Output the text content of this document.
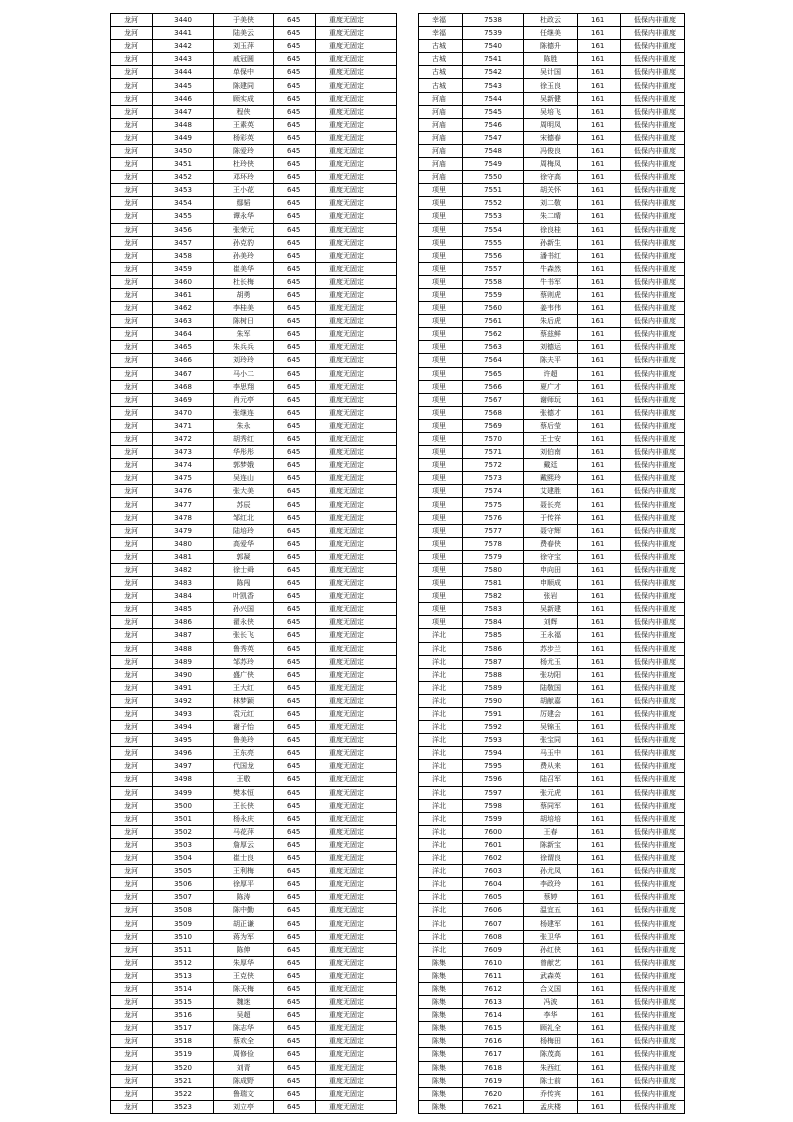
龙河	3440	于美侠	645	重度无固定
龙河	3441	陆美云	645	重度无固定
龙河	3442	刘玉萍	645	重度无固定
龙河	3443	戚冠圆	645	重度无固定
龙河	3444	单保中	645	重度无固定
龙河	3445	陈建同	645	重度无固定
龙河	3446	顾实成	645	重度无固定
龙河	3447	程侠	645	重度无固定
龙河	3448	王素英	645	重度无固定
龙河	3449	杨彩英	645	重度无固定
龙河	3450	陈爱玲	645	重度无固定
龙河	3451	杜玲侠	645	重度无固定
龙河	3452	邓环玲	645	重度无固定
龙河	3453	王小花	645	重度无固定
龙河	3454	鄢韬	645	重度无固定
龙河	3455	谭永华	645	重度无固定
龙河	3456	张荣元	645	重度无固定
龙河	3457	孙克豹	645	重度无固定
龙河	3458	孙美玲	645	重度无固定
龙河	3459	崔美华	645	重度无固定
龙河	3460	杜长梅	645	重度无固定
龙河	3461	胡勇	645	重度无固定
龙河	3462	李桂美	645	重度无固定
龙河	3463	陈树日	645	重度无固定
龙河	3464	朱军	645	重度无固定
龙河	3465	朱兵兵	645	重度无固定
龙河	3466	刘玲玲	645	重度无固定
龙河	3467	马小二	645	重度无固定
龙河	3468	李思翔	645	重度无固定
龙河	3469	肖元亭	645	重度无固定
龙河	3470	张继连	645	重度无固定
龙河	3471	朱永	645	重度无固定
龙河	3472	胡秀红	645	重度无固定
龙河	3473	华彤彤	645	重度无固定
龙河	3474	郭梦娥	645	重度无固定
龙河	3475	吴连山	645	重度无固定
龙河	3476	张大美	645	重度无固定
龙河	3477	苏辰	645	重度无固定
龙河	3478	邹红北	645	重度无固定
龙河	3479	陆培玲	645	重度无固定
龙河	3480	高爱华	645	重度无固定
龙河	3481	郭凝	645	重度无固定
龙河	3482	徐士舜	645	重度无固定
龙河	3483	陈闯	645	重度无固定
龙河	3484	叶凯香	645	重度无固定
龙河	3485	孙兴国	645	重度无固定
龙河	3486	翟永侠	645	重度无固定
龙河	3487	张长飞	645	重度无固定
龙河	3488	鲁秀英	645	重度无固定
龙河	3489	邹苏玲	645	重度无固定
龙河	3490	盛广侠	645	重度无固定
龙河	3491	王大红	645	重度无固定
龙河	3492	林梦颖	645	重度无固定
龙河	3493	袁元红	645	重度无固定
龙河	3494	谢子怡	645	重度无固定
龙河	3495	鲁美玲	645	重度无固定
龙河	3496	王东亮	645	重度无固定
龙河	3497	代国龙	645	重度无固定
龙河	3498	王敬	645	重度无固定
龙河	3499	樊本恒	645	重度无固定
龙河	3500	王长侠	645	重度无固定
龙河	3501	杨永庆	645	重度无固定
龙河	3502	马花萍	645	重度无固定
龙河	3503	詹厚云	645	重度无固定
龙河	3504	崔士良	645	重度无固定
龙河	3505	王利梅	645	重度无固定
龙河	3506	徐厚平	645	重度无固定
龙河	3507	陈涛	645	重度无固定
龙河	3508	陈中勤	645	重度无固定
龙河	3509	胡正谦	645	重度无固定
龙河	3510	蒋为军	645	重度无固定
龙河	3511	陈伸	645	重度无固定
龙河	3512	朱厚华	645	重度无固定
龙河	3513	王克侠	645	重度无固定
龙河	3514	陈天梅	645	重度无固定
龙河	3515	魏迷	645	重度无固定
龙河	3516	吴超	645	重度无固定
龙河	3517	陈志华	645	重度无固定
龙河	3518	蔡欢全	645	重度无固定
龙河	3519	周修俭	645	重度无固定
龙河	3520	刘青	645	重度无固定
龙河	3521	陈成野	645	重度无固定
龙河	3522	鲁瑞文	645	重度无固定
龙河	3523	刘立亭	645	重度无固定
幸福	7538	杜政云	161	低保内非重度
幸福	7539	任继美	161	低保内非重度
古城	7540	陈德升	161	低保内非重度
古城	7541	陈胜	161	低保内非重度
古城	7542	吴计国	161	低保内非重度
古城	7543	徐玉良	161	低保内非重度
河庙	7544	吴新健	161	低保内非重度
河庙	7545	吴培飞	161	低保内非重度
河庙	7546	周明凤	161	低保内非重度
河庙	7547	宋德春	161	低保内非重度
河庙	7548	冯俊良	161	低保内非重度
河庙	7549	周梅凤	161	低保内非重度
河庙	7550	徐守高	161	低保内非重度
项里	7551	胡关怀	161	低保内非重度
项里	7552	刘二敬	161	低保内非重度
项里	7553	朱二晴	161	低保内非重度
项里	7554	徐良桂	161	低保内非重度
项里	7555	孙新生	161	低保内非重度
项里	7556	潘书红	161	低保内非重度
项里	7557	牛森然	161	低保内非重度
项里	7558	牛书军	161	低保内非重度
项里	7559	蔡则虎	161	低保内非重度
项里	7560	姜韦伟	161	低保内非重度
项里	7561	朱后虎	161	低保内非重度
项里	7562	蔡兹鲜	161	低保内非重度
项里	7563	刘德运	161	低保内非重度
项里	7564	陈夫平	161	低保内非重度
项里	7565	许超	161	低保内非重度
项里	7566	夏广才	161	低保内非重度
项里	7567	谢师玩	161	低保内非重度
项里	7568	张德才	161	低保内非重度
项里	7569	蔡后莹	161	低保内非重度
项里	7570	王士安	161	低保内非重度
项里	7571	刘伯南	161	低保内非重度
项里	7572	戴廷	161	低保内非重度
项里	7573	戴熙玲	161	低保内非重度
项里	7574	艾建胜	161	低保内非重度
项里	7575	聂长亮	161	低保内非重度
项里	7576	于传祥	161	低保内非重度
项里	7577	聂守辉	161	低保内非重度
项里	7578	费春侠	161	低保内非重度
项里	7579	徐守宝	161	低保内非重度
项里	7580	申向田	161	低保内非重度
项里	7581	申顺成	161	低保内非重度
项里	7582	张岩	161	低保内非重度
项里	7583	吴新建	161	低保内非重度
项里	7584	刘辉	161	低保内非重度
洋北	7585	王永福	161	低保内非重度
洋北	7586	苏步兰	161	低保内非重度
洋北	7587	杨尤玉	161	低保内非重度
洋北	7588	张功阳	161	低保内非重度
洋北	7589	陆敬国	161	低保内非重度
洋北	7590	胡献嘉	161	低保内非重度
洋北	7591	厉建会	161	低保内非重度
洋北	7592	吴锦玉	161	低保内非重度
洋北	7593	张宝同	161	低保内非重度
洋北	7594	马玉中	161	低保内非重度
洋北	7595	费从来	161	低保内非重度
洋北	7596	陆召军	161	低保内非重度
洋北	7597	张元虎	161	低保内非重度
洋北	7598	蔡同军	161	低保内非重度
洋北	7599	胡培培	161	低保内非重度
洋北	7600	王春	161	低保内非重度
洋北	7601	陈新宝	161	低保内非重度
洋北	7602	徐谓良	161	低保内非重度
洋北	7603	孙尤凤	161	低保内非重度
洋北	7604	李政玲	161	低保内非重度
洋北	7605	蔡婷	161	低保内非重度
洋北	7606	温宜五	161	低保内非重度
洋北	7607	杨建军	161	低保内非重度
洋北	7608	张卫华	161	低保内非重度
洋北	7609	孙红侠	161	低保内非重度
陈集	7610	曾献艺	161	低保内非重度
陈集	7611	武森英	161	低保内非重度
陈集	7612	合义国	161	低保内非重度
陈集	7613	冯波	161	低保内非重度
陈集	7614	李华	161	低保内非重度
陈集	7615	顾礼全	161	低保内非重度
陈集	7616	杨梅田	161	低保内非重度
陈集	7617	陈茂高	161	低保内非重度
陈集	7618	朱西红	161	低保内非重度
陈集	7619	陈士前	161	低保内非重度
陈集	7620	乔传宾	161	低保内非重度
陈集	7621	孟庆楼	161	低保内非重度
